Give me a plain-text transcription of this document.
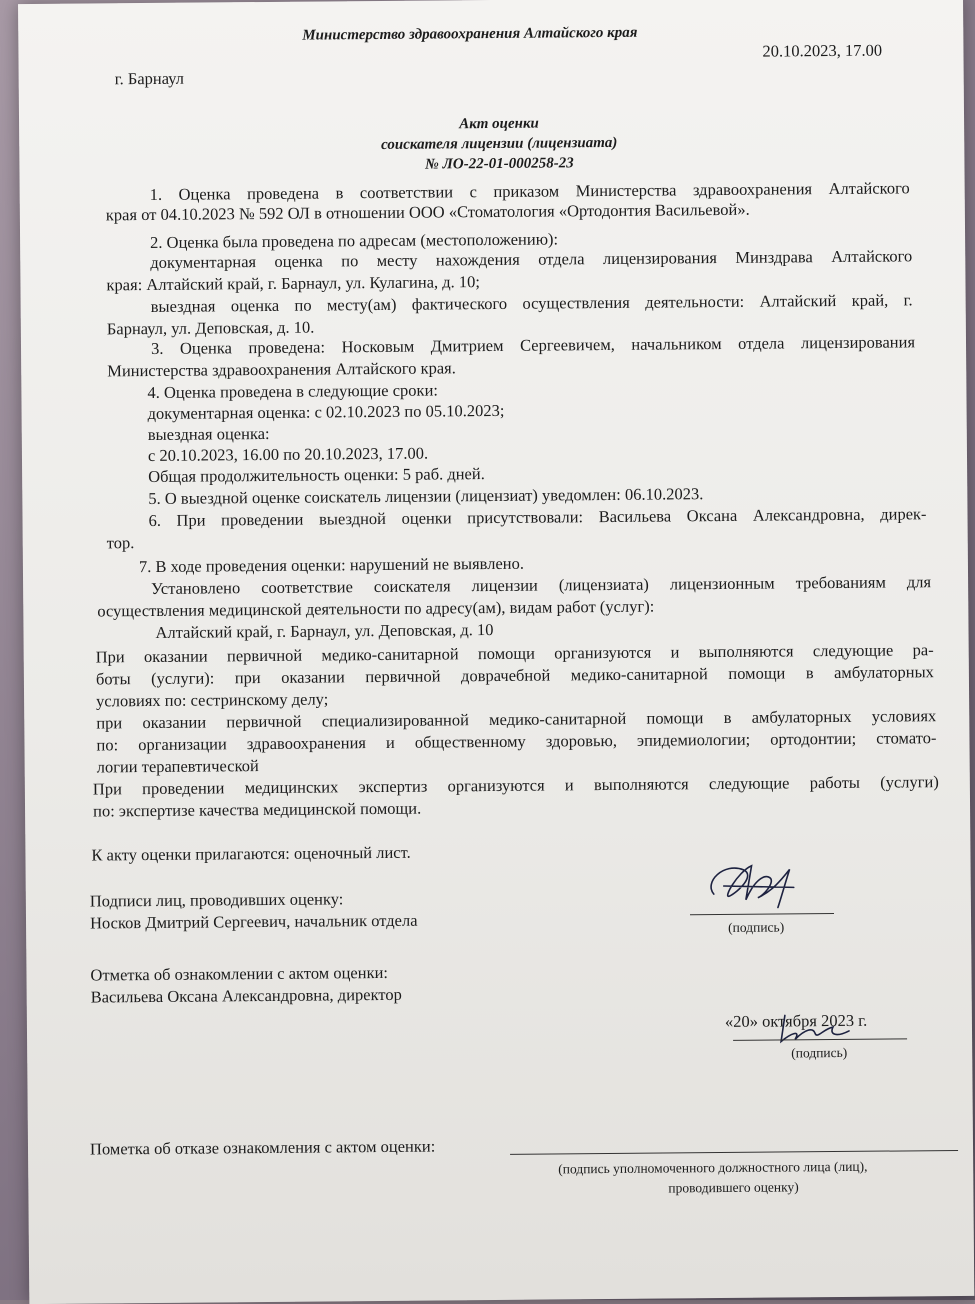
Министерство здравоохранения Алтайского края
20.10.2023, 17.00
г. Барнаул
Акт оценки
соискателя лицензии (лицензиата)
№ ЛО-22-01-000258-23
1. Оценка проведена в соответствии с приказом Министерства здравоохранения Алтайского
края от 04.10.2023 № 592 ОЛ в отношении ООО «Стоматология «Ортодонтия Васильевой».
2. Оценка была проведена по адресам (местоположению):
документарная оценка по месту нахождения отдела лицензирования Минздрава Алтайского
края: Алтайский край, г. Барнаул, ул. Кулагина, д. 10;
выездная оценка по месту(ам) фактического осуществления деятельности: Алтайский край, г.
Барнаул, ул. Деповская, д. 10.
3. Оценка проведена: Носковым Дмитрием Сергеевичем, начальником отдела лицензирования
Министерства здравоохранения Алтайского края.
4. Оценка проведена в следующие сроки:
документарная оценка: с 02.10.2023 по 05.10.2023;
выездная оценка:
с 20.10.2023, 16.00 по 20.10.2023, 17.00.
Общая продолжительность оценки: 5 раб. дней.
5. О выездной оценке соискатель лицензии (лицензиат) уведомлен: 06.10.2023.
6. При проведении выездной оценки присутствовали: Васильева Оксана Александровна, дирек-
тор.
7. В ходе проведения оценки: нарушений не выявлено.
Установлено соответствие соискателя лицензии (лицензиата) лицензионным требованиям для
осуществления медицинской деятельности по адресу(ам), видам работ (услуг):
Алтайский край, г. Барнаул, ул. Деповская, д. 10
При оказании первичной медико-санитарной помощи организуются и выполняются следующие ра-
боты (услуги): при оказании первичной доврачебной медико-санитарной помощи в амбулаторных
условиях по: сестринскому делу;
при оказании первичной специализированной медико-санитарной помощи в амбулаторных условиях
по: организации здравоохранения и общественному здоровью, эпидемиологии; ортодонтии; стомато-
логии терапевтической
При проведении медицинских экспертиз организуются и выполняются следующие работы (услуги)
по: экспертизе качества медицинской помощи.
К акту оценки прилагаются: оценочный лист.
Подписи лиц, проводивших оценку:
Носков Дмитрий Сергеевич, начальник отдела	(подпись)
Отметка об ознакомлении с актом оценки:
Васильева Оксана Александровна, директор
«20» октября 2023 г.
(подпись)
Пометка об отказе ознакомления с актом оценки:
(подпись уполномоченного должностного лица (лиц),
проводившего оценку)
